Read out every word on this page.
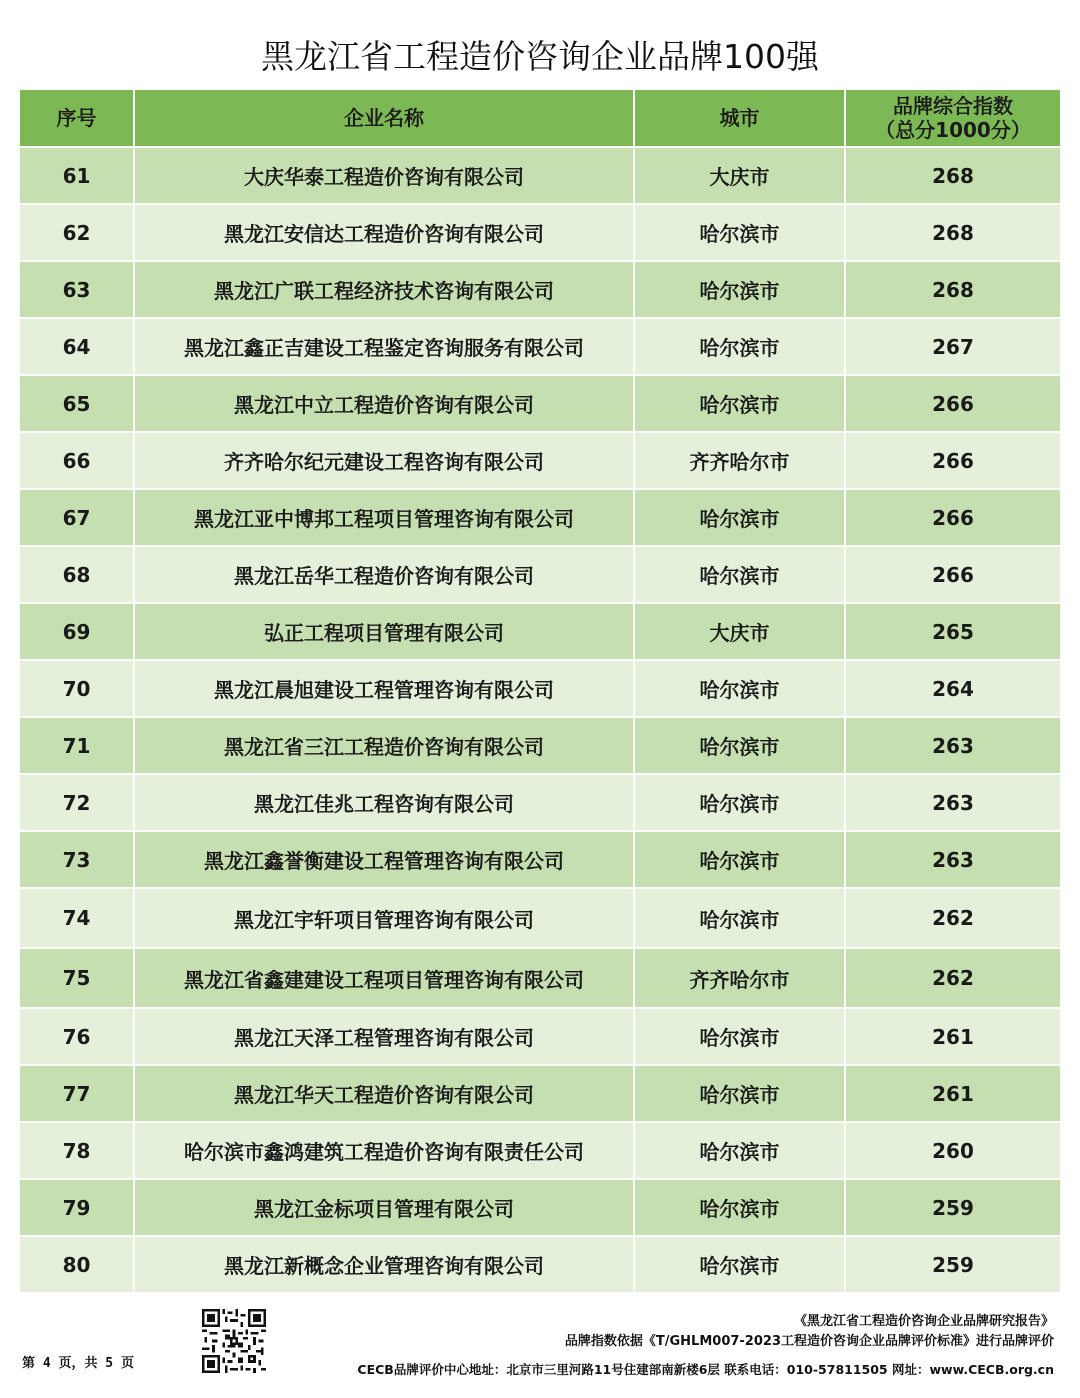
黑龙江省工程造价咨询企业品牌100强
序号	企业名称	城市	品牌综合指数
（总分1000分）

61	大庆华泰工程造价咨询有限公司	大庆市	268
62	黑龙江安信达工程造价咨询有限公司	哈尔滨市	268
63	黑龙江广联工程经济技术咨询有限公司	哈尔滨市	268
64	黑龙江鑫正吉建设工程鉴定咨询服务有限公司	哈尔滨市	267
65	黑龙江中立工程造价咨询有限公司	哈尔滨市	266
66	齐齐哈尔纪元建设工程咨询有限公司	齐齐哈尔市	266
67	黑龙江亚中博邦工程项目管理咨询有限公司	哈尔滨市	266
68	黑龙江岳华工程造价咨询有限公司	哈尔滨市	266
69	弘正工程项目管理有限公司	大庆市	265
70	黑龙江晨旭建设工程管理咨询有限公司	哈尔滨市	264
71	黑龙江省三江工程造价咨询有限公司	哈尔滨市	263
72	黑龙江佳兆工程咨询有限公司	哈尔滨市	263
73	黑龙江鑫誉衡建设工程管理咨询有限公司	哈尔滨市	263
74	黑龙江宇轩项目管理咨询有限公司	哈尔滨市	262
75	黑龙江省鑫建建设工程项目管理咨询有限公司	齐齐哈尔市	262
76	黑龙江天泽工程管理咨询有限公司	哈尔滨市	261
77	黑龙江华天工程造价咨询有限公司	哈尔滨市	261
78	哈尔滨市鑫鸿建筑工程造价咨询有限责任公司	哈尔滨市	260
79	黑龙江金标项目管理有限公司	哈尔滨市	259
80	黑龙江新概念企业管理咨询有限公司	哈尔滨市	259
第 4 页，共 5 页
《黑龙江省工程造价咨询企业品牌研究报告》
品牌指数依据《T/GHLM007-2023工程造价咨询企业品牌评价标准》进行品牌评价
CECB品牌评价中心地址：北京市三里河路11号住建部南新楼6层 联系电话：010-57811505 网址：www.CECB.org.cn
